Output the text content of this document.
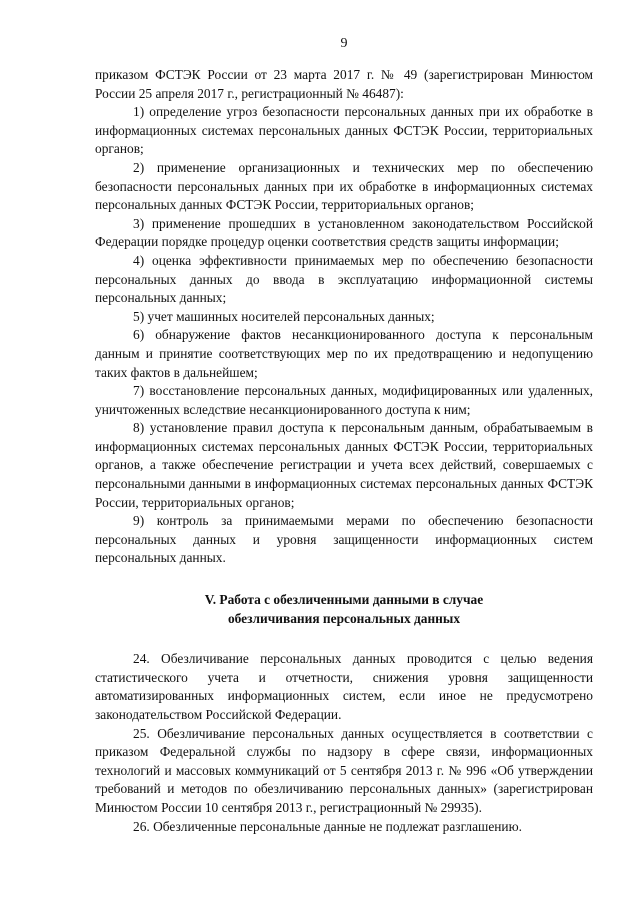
9

приказом ФСТЭК России от 23 марта 2017 г. № 49 (зарегистрирован Минюстом России 25 апреля 2017 г., регистрационный № 46487):

1) определение угроз безопасности персональных данных при их обработке в информационных системах персональных данных ФСТЭК России, территориальных органов;

2) применение организационных и технических мер по обеспечению безопасности персональных данных при их обработке в информационных системах персональных данных ФСТЭК России, территориальных органов;

3) применение прошедших в установленном законодательством Российской Федерации порядке процедур оценки соответствия средств защиты информации;

4) оценка эффективности принимаемых мер по обеспечению безопасности персональных данных до ввода в эксплуатацию информационной системы персональных данных;

5) учет машинных носителей персональных данных;

6) обнаружение фактов несанкционированного доступа к персональным данным и принятие соответствующих мер по их предотвращению и недопущению таких фактов в дальнейшем;

7) восстановление персональных данных, модифицированных или удаленных, уничтоженных вследствие несанкционированного доступа к ним;

8) установление правил доступа к персональным данным, обрабатываемым в информационных системах персональных данных ФСТЭК России, территориальных органов, а также обеспечение регистрации и учета всех действий, совершаемых с персональными данными в информационных системах персональных данных ФСТЭК России, территориальных органов;

9) контроль за принимаемыми мерами по обеспечению безопасности персональных данных и уровня защищенности информационных систем персональных данных.

V. Работа с обезличенными данными в случае
обезличивания персональных данных

24. Обезличивание персональных данных проводится с целью ведения статистического учета и отчетности, снижения уровня защищенности автоматизированных информационных систем, если иное не предусмотрено законодательством Российской Федерации.

25. Обезличивание персональных данных осуществляется в соответствии с приказом Федеральной службы по надзору в сфере связи, информационных технологий и массовых коммуникаций от 5 сентября 2013 г. № 996 «Об утверждении требований и методов по обезличиванию персональных данных» (зарегистрирован Минюстом России 10 сентября 2013 г., регистрационный № 29935).

26. Обезличенные персональные данные не подлежат разглашению.
